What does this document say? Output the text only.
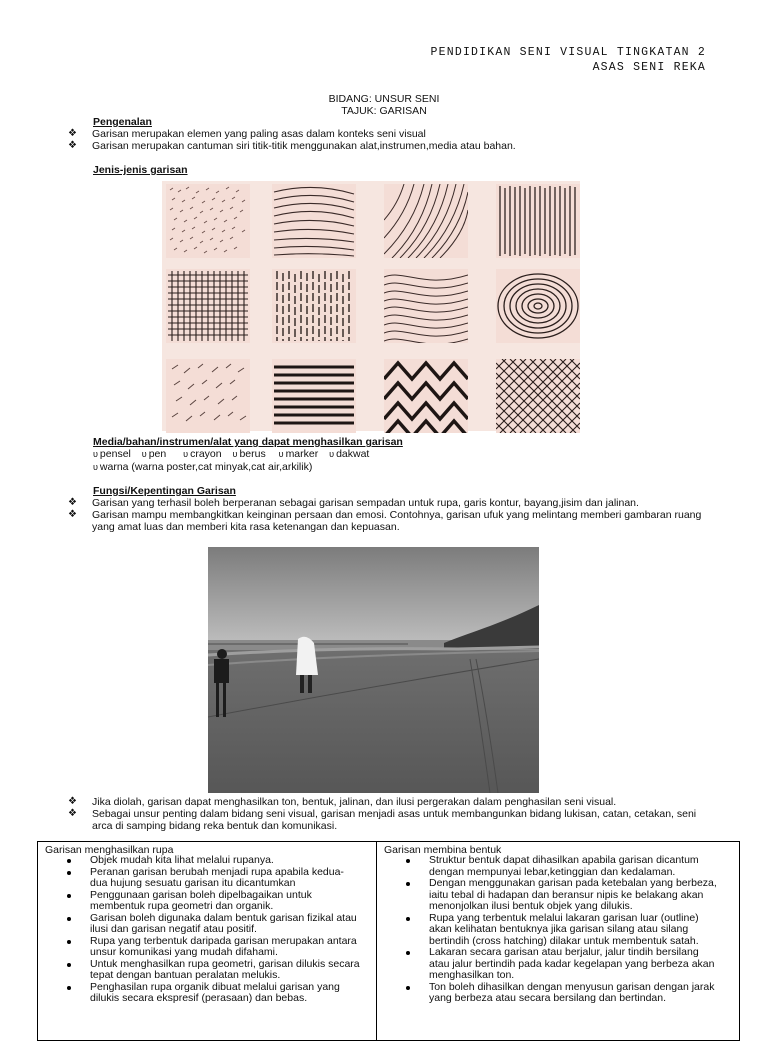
PENDIDIKAN SENI VISUAL TINGKATAN 2
ASAS SENI REKA
BIDANG: UNSUR SENI
TAJUK: GARISAN
Pengenalan
❖ Garisan merupakan elemen yang paling asas dalam konteks seni visual
❖ Garisan merupakan cantuman siri titik-titik menggunakan alat,instrumen,media atau bahan.
Jenis-jenis garisan
Media/bahan/instrumen/alat yang dapat menghasilkan garisan
υ pensel υ pen υ crayon υ berus υ marker υ dakwat
υ warna (warna poster,cat minyak,cat air,arkilik)
Fungsi/Kepentingan Garisan
❖ Garisan yang terhasil boleh berperanan sebagai garisan sempadan untuk rupa, garis kontur, bayang,jisim dan jalinan.
❖ Garisan mampu membangkitkan keinginan persaan dan emosi. Contohnya, garisan ufuk yang melintang memberi gambaran ruang
yang amat luas dan memberi kita rasa ketenangan dan kepuasan.
❖ Jika diolah, garisan dapat menghasilkan ton, bentuk, jalinan, dan ilusi pergerakan dalam penghasilan seni visual.
❖ Sebagai unsur penting dalam bidang seni visual, garisan menjadi asas untuk membangunkan bidang lukisan, catan, cetakan, seni
arca di samping bidang reka bentuk dan komunikasi.
Garisan menghasilkan rupa
Objek mudah kita lihat melalui rupanya.
Peranan garisan berubah menjadi rupa apabila kedua-dua hujung sesuatu garisan itu dicantumkan
Penggunaan garisan boleh dipelbagaikan untuk membentuk rupa geometri dan organik.
Garisan boleh digunaka dalam bentuk garisan fizikal atau ilusi dan garisan negatif atau positif.
Rupa yang terbentuk daripada garisan merupakan antara unsur komunikasi yang mudah difahami.
Untuk menghasilkan rupa geometri, garisan dilukis secara tepat dengan bantuan peralatan melukis.
Penghasilan rupa organik dibuat melalui garisan yang dilukis secara ekspresif (perasaan) dan bebas.
Garisan membina bentuk
Struktur bentuk dapat dihasilkan apabila garisan dicantum dengan mempunyai lebar,ketinggian dan kedalaman.
Dengan menggunakan garisan pada ketebalan yang berbeza, iaitu tebal di hadapan dan beransur nipis ke belakang akan menonjolkan ilusi bentuk objek yang dilukis.
Rupa yang terbentuk melalui lakaran garisan luar (outline) akan kelihatan bentuknya jika garisan silang atau silang bertindih (cross hatching) dilakar untuk membentuk satah.
Lakaran secara garisan atau berjalur, jalur tindih bersilang atau jalur bertindih pada kadar kegelapan yang berbeza akan menghasilkan ton.
Ton boleh dihasilkan dengan menyusun garisan dengan jarak yang berbeza atau secara bersilang dan bertindan.
